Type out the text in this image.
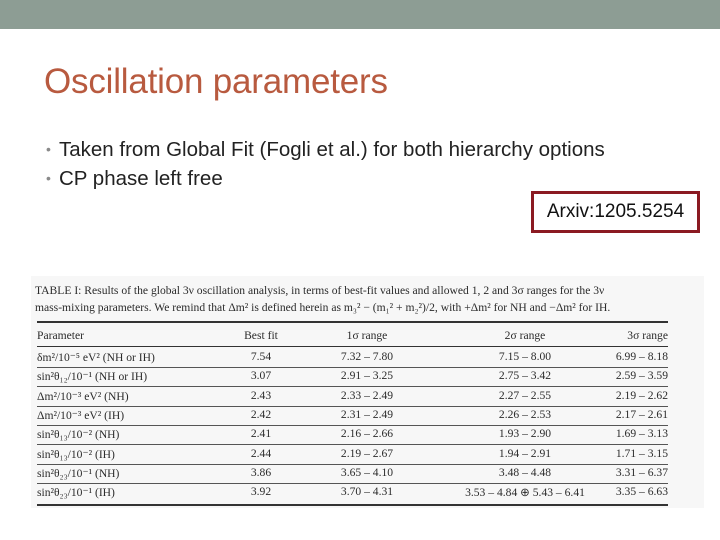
Oscillation parameters
• Taken from Global Fit (Fogli et al.) for both hierarchy options
• CP phase left free
Arxiv:1205.5254
TABLE I: Results of the global 3ν oscillation analysis, in terms of best-fit values and allowed 1, 2 and 3σ ranges for the 3ν
mass-mixing parameters. We remind that Δm² is defined herein as m₃² − (m₁² + m₂²)/2, with +Δm² for NH and −Δm² for IH.
Parameter	Best fit	1σ range	2σ range	3σ range
δm²/10⁻⁵ eV² (NH or IH)	7.54	7.32 – 7.80	7.15 – 8.00	6.99 – 8.18
sin²θ₁₂/10⁻¹ (NH or IH)	3.07	2.91 – 3.25	2.75 – 3.42	2.59 – 3.59
Δm²/10⁻³ eV² (NH)	2.43	2.33 – 2.49	2.27 – 2.55	2.19 – 2.62
Δm²/10⁻³ eV² (IH)	2.42	2.31 – 2.49	2.26 – 2.53	2.17 – 2.61
sin²θ₁₃/10⁻² (NH)	2.41	2.16 – 2.66	1.93 – 2.90	1.69 – 3.13
sin²θ₁₃/10⁻² (IH)	2.44	2.19 – 2.67	1.94 – 2.91	1.71 – 3.15
sin²θ₂₃/10⁻¹ (NH)	3.86	3.65 – 4.10	3.48 – 4.48	3.31 – 6.37
sin²θ₂₃/10⁻¹ (IH)	3.92	3.70 – 4.31	3.53 – 4.84 ⊕ 5.43 – 6.41	3.35 – 6.63
